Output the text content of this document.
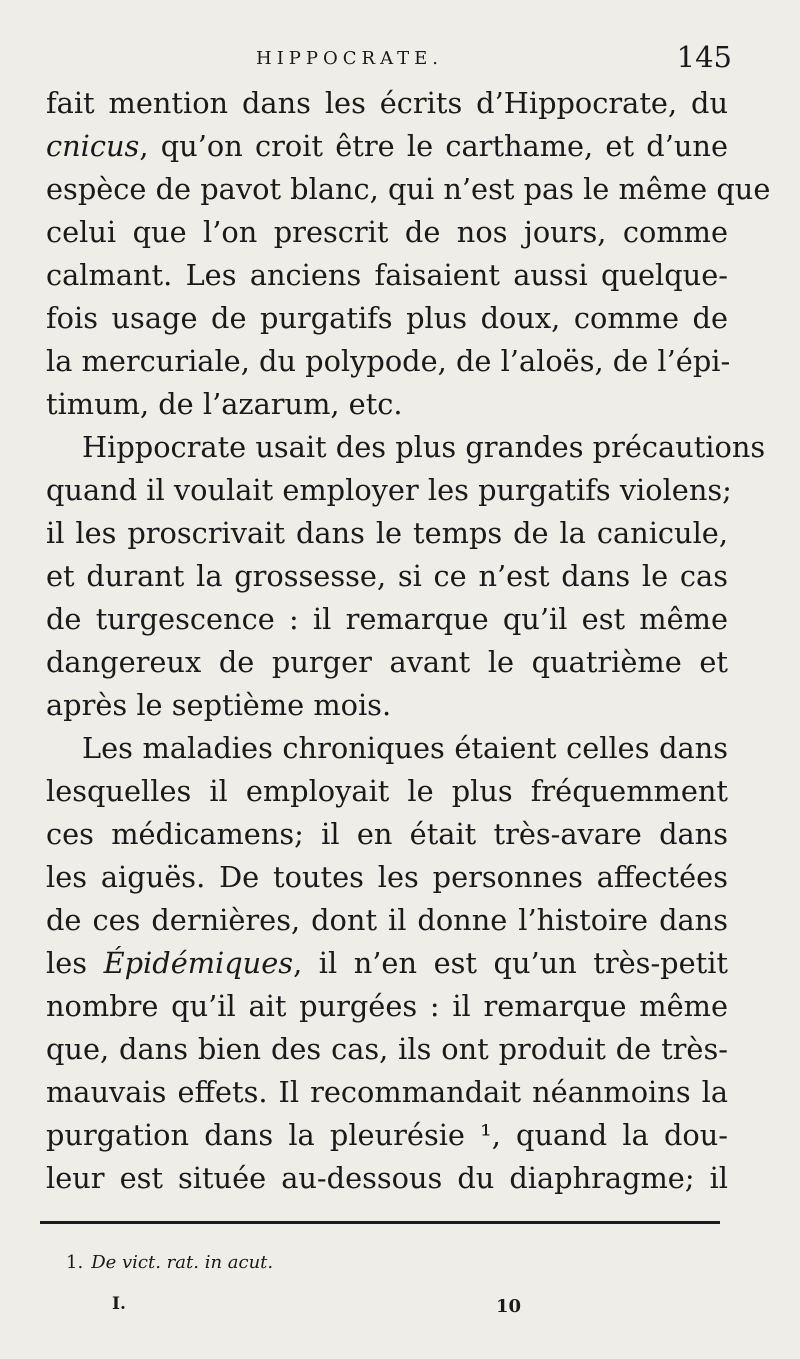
HIPPOCRATE.	145
fait mention dans les écrits d’Hippocrate, du
cnicus, qu’on croit être le carthame, et d’une
espèce de pavot blanc, qui n’est pas le même que
celui que l’on prescrit de nos jours, comme
calmant. Les anciens faisaient aussi quelque-
fois usage de purgatifs plus doux, comme de
la mercuriale, du polypode, de l’aloës, de l’épi-
timum, de l’azarum, etc.
Hippocrate usait des plus grandes précautions
quand il voulait employer les purgatifs violens;
il les proscrivait dans le temps de la canicule,
et durant la grossesse, si ce n’est dans le cas
de turgescence : il remarque qu’il est même
dangereux de purger avant le quatrième et
après le septième mois.
Les maladies chroniques étaient celles dans
lesquelles il employait le plus fréquemment
ces médicamens; il en était très-avare dans
les aiguës. De toutes les personnes affectées
de ces dernières, dont il donne l’histoire dans
les Épidémiques, il n’en est qu’un très-petit
nombre qu’il ait purgées : il remarque même
que, dans bien des cas, ils ont produit de très-
mauvais effets. Il recommandait néanmoins la
purgation dans la pleurésie ¹, quand la dou-
leur est située au-dessous du diaphragme; il
1. De vict. rat. in acut.
I.	10
